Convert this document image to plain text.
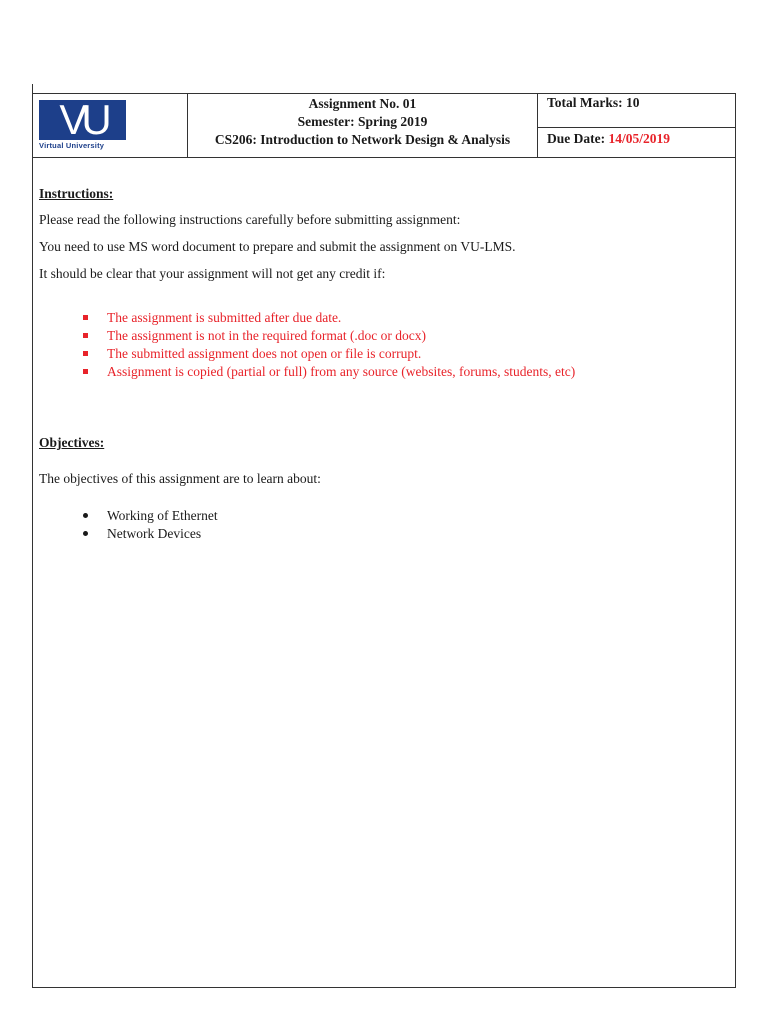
VU
Virtual University
Assignment No. 01
Semester: Spring 2019
CS206: Introduction to Network Design & Analysis
Total Marks: 10
Due Date: 14/05/2019
Instructions:
Please read the following instructions carefully before submitting assignment:
You need to use MS word document to prepare and submit the assignment on VU-LMS.
It should be clear that your assignment will not get any credit if:
The assignment is submitted after due date.
The assignment is not in the required format (.doc or docx)
The submitted assignment does not open or file is corrupt.
Assignment is copied (partial or full) from any source (websites, forums, students, etc)
Objectives:
The objectives of this assignment are to learn about:
Working of Ethernet
Network Devices
